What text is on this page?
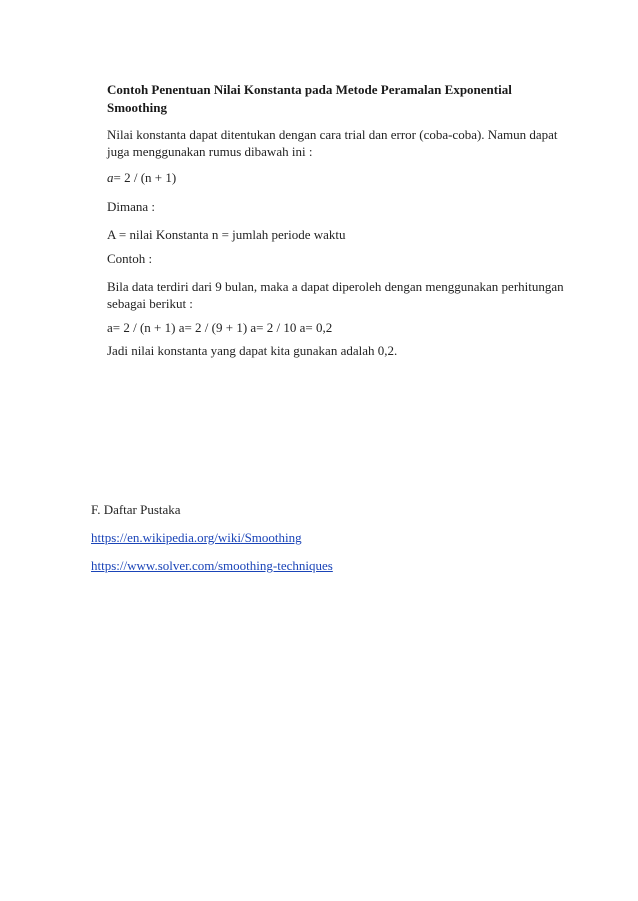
Contoh Penentuan Nilai Konstanta pada Metode Peramalan Exponential
Smoothing
Nilai konstanta dapat ditentukan dengan cara trial dan error (coba-coba). Namun dapat
juga menggunakan rumus dibawah ini :
a= 2 / (n + 1)
Dimana :
A = nilai Konstanta n = jumlah periode waktu
Contoh :
Bila data terdiri dari 9 bulan, maka a dapat diperoleh dengan menggunakan perhitungan
sebagai berikut :
a= 2 / (n + 1) a= 2 / (9 + 1) a= 2 / 10 a= 0,2
Jadi nilai konstanta yang dapat kita gunakan adalah 0,2.
F. Daftar Pustaka
https://en.wikipedia.org/wiki/Smoothing
https://www.solver.com/smoothing-techniques
